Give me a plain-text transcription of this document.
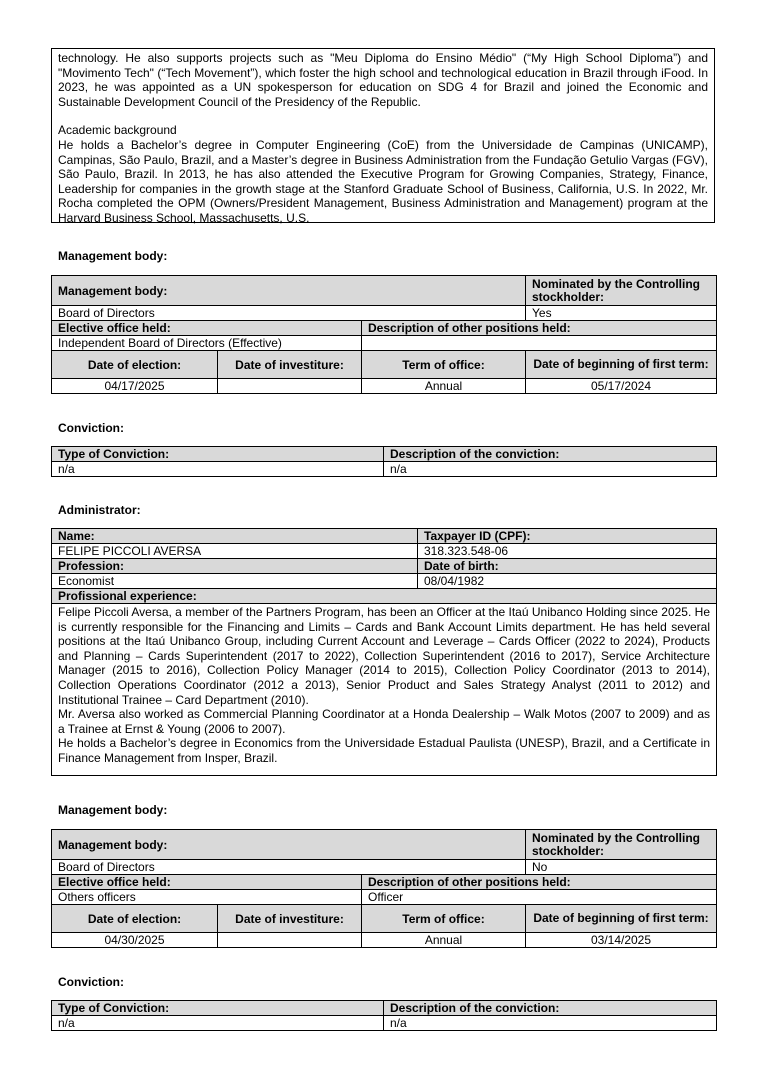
technology. He also supports projects such as "Meu Diploma do Ensino Médio" (“My High School Diploma”) and "Movimento Tech" (“Tech Movement”), which foster the high school and technological education in Brazil through iFood. In 2023, he was appointed as a UN spokesperson for education on SDG 4 for Brazil and joined the Economic and Sustainable Development Council of the Presidency of the Republic.

Academic background

He holds a Bachelor’s degree in Computer Engineering (CoE) from the Universidade de Campinas (UNICAMP), Campinas, São Paulo, Brazil, and a Master’s degree in Business Administration from the Fundação Getulio Vargas (FGV), São Paulo, Brazil. In 2013, he has also attended the Executive Program for Growing Companies, Strategy, Finance, Leadership for companies in the growth stage at the Stanford Graduate School of Business, California, U.S. In 2022, Mr. Rocha completed the OPM (Owners/President Management, Business Administration and Management) program at the Harvard Business School, Massachusetts, U.S.

Management body:
Management body:			Nominated by the Controlling stockholder:
Board of Directors			Yes
Elective office held:		Description of other positions held:	
Independent Board of Directors (Effective)			
Date of election:	Date of investiture:	Term of office:	Date of beginning of first term:
04/17/2025		Annual	05/17/2024
Conviction:
Type of Conviction:	Description of the conviction:
n/a	n/a
Administrator:
Name:	Taxpayer ID (CPF):
FELIPE PICCOLI AVERSA	318.323.548-06
Profession:	Date of birth:
Economist	08/04/1982
Profissional experience:	

Felipe Piccoli Aversa, a member of the Partners Program, has been an Officer at the Itaú Unibanco Holding since 2025. He is currently responsible for the Financing and Limits – Cards and Bank Account Limits department. He has held several positions at the Itaú Unibanco Group, including Current Account and Leverage – Cards Officer (2022 to 2024), Products and Planning – Cards Superintendent (2017 to 2022), Collection Superintendent (2016 to 2017), Service Architecture Manager (2015 to 2016), Collection Policy Manager (2014 to 2015), Collection Policy Coordinator (2013 to 2014), Collection Operations Coordinator (2012 a 2013), Senior Product and Sales Strategy Analyst (2011 to 2012) and Institutional Trainee – Card Department (2010).

Mr. Aversa also worked as Commercial Planning Coordinator at a Honda Dealership – Walk Motos (2007 to 2009) and as a Trainee at Ernst & Young (2006 to 2007).

He holds a Bachelor’s degree in Economics from the Universidade Estadual Paulista (UNESP), Brazil, and a Certificate in Finance Management from Insper, Brazil.	

Management body:
Management body:			Nominated by the Controlling stockholder:
Board of Directors			No
Elective office held:		Description of other positions held:	
Others officers		Officer	
Date of election:	Date of investiture:	Term of office:	Date of beginning of first term:
04/30/2025		Annual	03/14/2025
Conviction:
Type of Conviction:	Description of the conviction:
n/a	n/a
